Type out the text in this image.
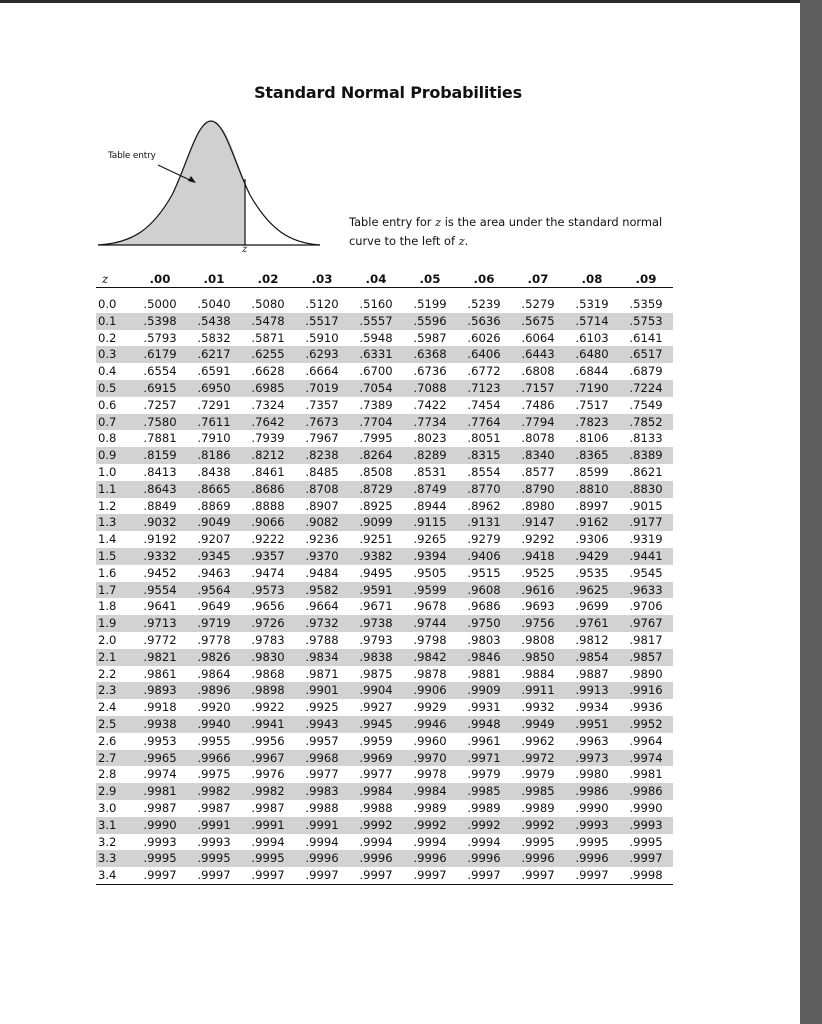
Standard Normal Probabilities
Table entry
z
Table entry for z is the area under the standard normal curve to the left of z.
z	.00	.01	.02	.03	.04	.05	.06	.07	.08	.09

0.0	.5000	.5040	.5080	.5120	.5160	.5199	.5239	.5279	.5319	.5359
0.1	.5398	.5438	.5478	.5517	.5557	.5596	.5636	.5675	.5714	.5753
0.2	.5793	.5832	.5871	.5910	.5948	.5987	.6026	.6064	.6103	.6141
0.3	.6179	.6217	.6255	.6293	.6331	.6368	.6406	.6443	.6480	.6517
0.4	.6554	.6591	.6628	.6664	.6700	.6736	.6772	.6808	.6844	.6879
0.5	.6915	.6950	.6985	.7019	.7054	.7088	.7123	.7157	.7190	.7224
0.6	.7257	.7291	.7324	.7357	.7389	.7422	.7454	.7486	.7517	.7549
0.7	.7580	.7611	.7642	.7673	.7704	.7734	.7764	.7794	.7823	.7852
0.8	.7881	.7910	.7939	.7967	.7995	.8023	.8051	.8078	.8106	.8133
0.9	.8159	.8186	.8212	.8238	.8264	.8289	.8315	.8340	.8365	.8389
1.0	.8413	.8438	.8461	.8485	.8508	.8531	.8554	.8577	.8599	.8621
1.1	.8643	.8665	.8686	.8708	.8729	.8749	.8770	.8790	.8810	.8830
1.2	.8849	.8869	.8888	.8907	.8925	.8944	.8962	.8980	.8997	.9015
1.3	.9032	.9049	.9066	.9082	.9099	.9115	.9131	.9147	.9162	.9177
1.4	.9192	.9207	.9222	.9236	.9251	.9265	.9279	.9292	.9306	.9319
1.5	.9332	.9345	.9357	.9370	.9382	.9394	.9406	.9418	.9429	.9441
1.6	.9452	.9463	.9474	.9484	.9495	.9505	.9515	.9525	.9535	.9545
1.7	.9554	.9564	.9573	.9582	.9591	.9599	.9608	.9616	.9625	.9633
1.8	.9641	.9649	.9656	.9664	.9671	.9678	.9686	.9693	.9699	.9706
1.9	.9713	.9719	.9726	.9732	.9738	.9744	.9750	.9756	.9761	.9767
2.0	.9772	.9778	.9783	.9788	.9793	.9798	.9803	.9808	.9812	.9817
2.1	.9821	.9826	.9830	.9834	.9838	.9842	.9846	.9850	.9854	.9857
2.2	.9861	.9864	.9868	.9871	.9875	.9878	.9881	.9884	.9887	.9890
2.3	.9893	.9896	.9898	.9901	.9904	.9906	.9909	.9911	.9913	.9916
2.4	.9918	.9920	.9922	.9925	.9927	.9929	.9931	.9932	.9934	.9936
2.5	.9938	.9940	.9941	.9943	.9945	.9946	.9948	.9949	.9951	.9952
2.6	.9953	.9955	.9956	.9957	.9959	.9960	.9961	.9962	.9963	.9964
2.7	.9965	.9966	.9967	.9968	.9969	.9970	.9971	.9972	.9973	.9974
2.8	.9974	.9975	.9976	.9977	.9977	.9978	.9979	.9979	.9980	.9981
2.9	.9981	.9982	.9982	.9983	.9984	.9984	.9985	.9985	.9986	.9986
3.0	.9987	.9987	.9987	.9988	.9988	.9989	.9989	.9989	.9990	.9990
3.1	.9990	.9991	.9991	.9991	.9992	.9992	.9992	.9992	.9993	.9993
3.2	.9993	.9993	.9994	.9994	.9994	.9994	.9994	.9995	.9995	.9995
3.3	.9995	.9995	.9995	.9996	.9996	.9996	.9996	.9996	.9996	.9997
3.4	.9997	.9997	.9997	.9997	.9997	.9997	.9997	.9997	.9997	.9998
